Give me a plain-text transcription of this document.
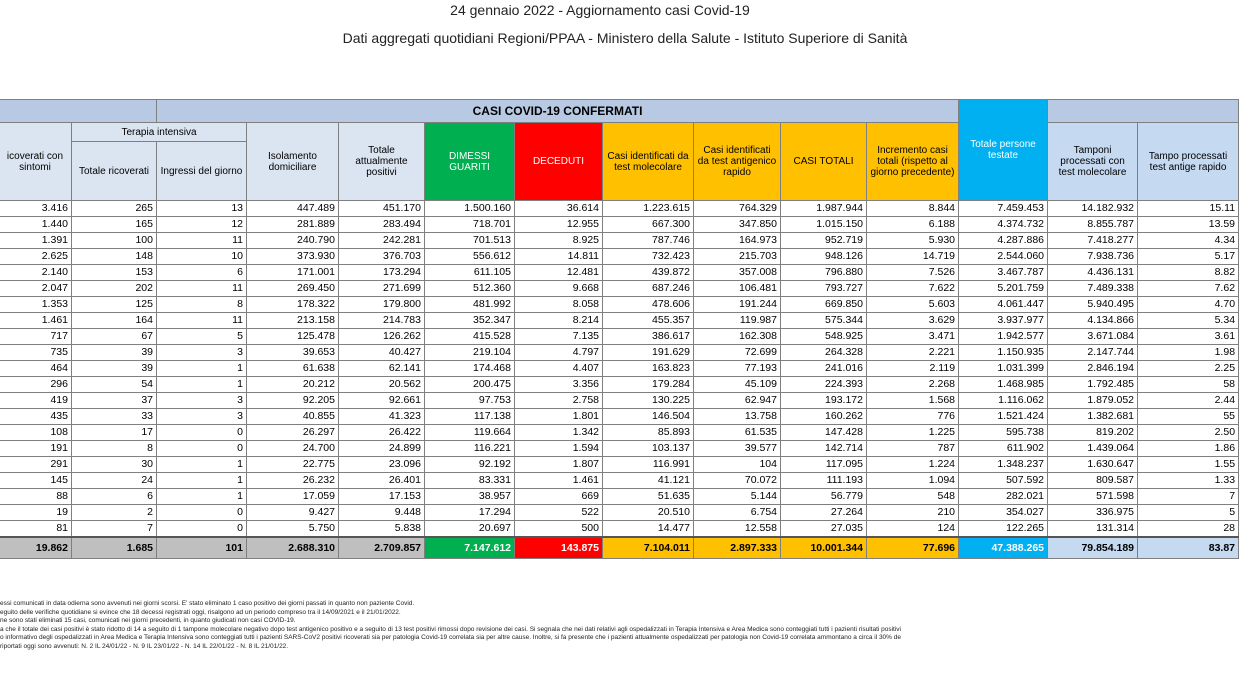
24 gennaio 2022 - Aggiornamento casi Covid-19
Dati aggregati quotidiani Regioni/PPAA - Ministero della Salute - Istituto Superiore di Sanità
		CASI COVID-19 CONFERMATI									Totale persone testate		
icoverati con sintomi	Terapia intensiva		Isolamento domiciliare	Totale attualmente positivi	DIMESSI GUARITI	DECEDUTI	Casi identificati da test molecolare	Casi identificati da test antigenico rapido	CASI TOTALI	Incremento casi totali (rispetto al giorno precedente)		Tamponi processati con test molecolare	Tampo processati test antige rapido
	Totale ricoverati	Ingressi del giorno											
3.416	265	13	447.489	451.170	1.500.160	36.614	1.223.615	764.329	1.987.944	8.844	7.459.453	14.182.932	15.11
1.440	165	12	281.889	283.494	718.701	12.955	667.300	347.850	1.015.150	6.188	4.374.732	8.855.787	13.59
1.391	100	11	240.790	242.281	701.513	8.925	787.746	164.973	952.719	5.930	4.287.886	7.418.277	4.34
2.625	148	10	373.930	376.703	556.612	14.811	732.423	215.703	948.126	14.719	2.544.060	7.938.736	5.17
2.140	153	6	171.001	173.294	611.105	12.481	439.872	357.008	796.880	7.526	3.467.787	4.436.131	8.82
2.047	202	11	269.450	271.699	512.360	9.668	687.246	106.481	793.727	7.622	5.201.759	7.489.338	7.62
1.353	125	8	178.322	179.800	481.992	8.058	478.606	191.244	669.850	5.603	4.061.447	5.940.495	4.70
1.461	164	11	213.158	214.783	352.347	8.214	455.357	119.987	575.344	3.629	3.937.977	4.134.866	5.34
717	67	5	125.478	126.262	415.528	7.135	386.617	162.308	548.925	3.471	1.942.577	3.671.084	3.61
735	39	3	39.653	40.427	219.104	4.797	191.629	72.699	264.328	2.221	1.150.935	2.147.744	1.98
464	39	1	61.638	62.141	174.468	4.407	163.823	77.193	241.016	2.119	1.031.399	2.846.194	2.25
296	54	1	20.212	20.562	200.475	3.356	179.284	45.109	224.393	2.268	1.468.985	1.792.485	58
419	37	3	92.205	92.661	97.753	2.758	130.225	62.947	193.172	1.568	1.116.062	1.879.052	2.44
435	33	3	40.855	41.323	117.138	1.801	146.504	13.758	160.262	776	1.521.424	1.382.681	55
108	17	0	26.297	26.422	119.664	1.342	85.893	61.535	147.428	1.225	595.738	819.202	2.50
191	8	0	24.700	24.899	116.221	1.594	103.137	39.577	142.714	787	611.902	1.439.064	1.86
291	30	1	22.775	23.096	92.192	1.807	116.991	104	117.095	1.224	1.348.237	1.630.647	1.55
145	24	1	26.232	26.401	83.331	1.461	41.121	70.072	111.193	1.094	507.592	809.587	1.33
88	6	1	17.059	17.153	38.957	669	51.635	5.144	56.779	548	282.021	571.598	7
19	2	0	9.427	9.448	17.294	522	20.510	6.754	27.264	210	354.027	336.975	5
81	7	0	5.750	5.838	20.697	500	14.477	12.558	27.035	124	122.265	131.314	28
19.862	1.685	101	2.688.310	2.709.857	7.147.612	143.875	7.104.011	2.897.333	10.001.344	77.696	47.388.265	79.854.189	83.87
essi comunicati in data odierna sono avvenuti nei giorni scorsi. E' stato eliminato 1 caso positivo dei giorni passati in quanto non paziente Covid.
eguito delle verifiche quotidiane si evince che 18 decessi registrati oggi, risalgono ad un periodo compreso tra il 14/09/2021 e il 21/01/2022.
ne sono stati eliminati 15 casi, comunicati nei giorni precedenti, in quanto giudicati non casi COVID-19.
a che il totale dei casi positivi è stato ridotto di 14 a seguito di 1 tampone molecolare negativo dopo test antigenico positivo e a seguito di 13 test positivi rimossi dopo revisione dei casi. Si segnala che nei dati relativi agli ospedalizzati in Terapia Intensiva e Area Medica sono conteggiati tutti i pazienti risultati positivi
o informativo degli ospedalizzati in Area Medica e Terapia Intensiva sono conteggiati tutti i pazienti SARS-CoV2 positivi ricoverati sia per patologia Covid-19 correlata sia per altre cause. Inoltre, si fa presente che i pazienti attualmente ospedalizzati per patologia non Covid-19 correlata ammontano a circa il 30% de
riportati oggi sono avvenuti: N. 2 IL 24/01/22 - N. 9 IL 23/01/22 - N. 14 IL 22/01/22 - N. 8 IL 21/01/22.
